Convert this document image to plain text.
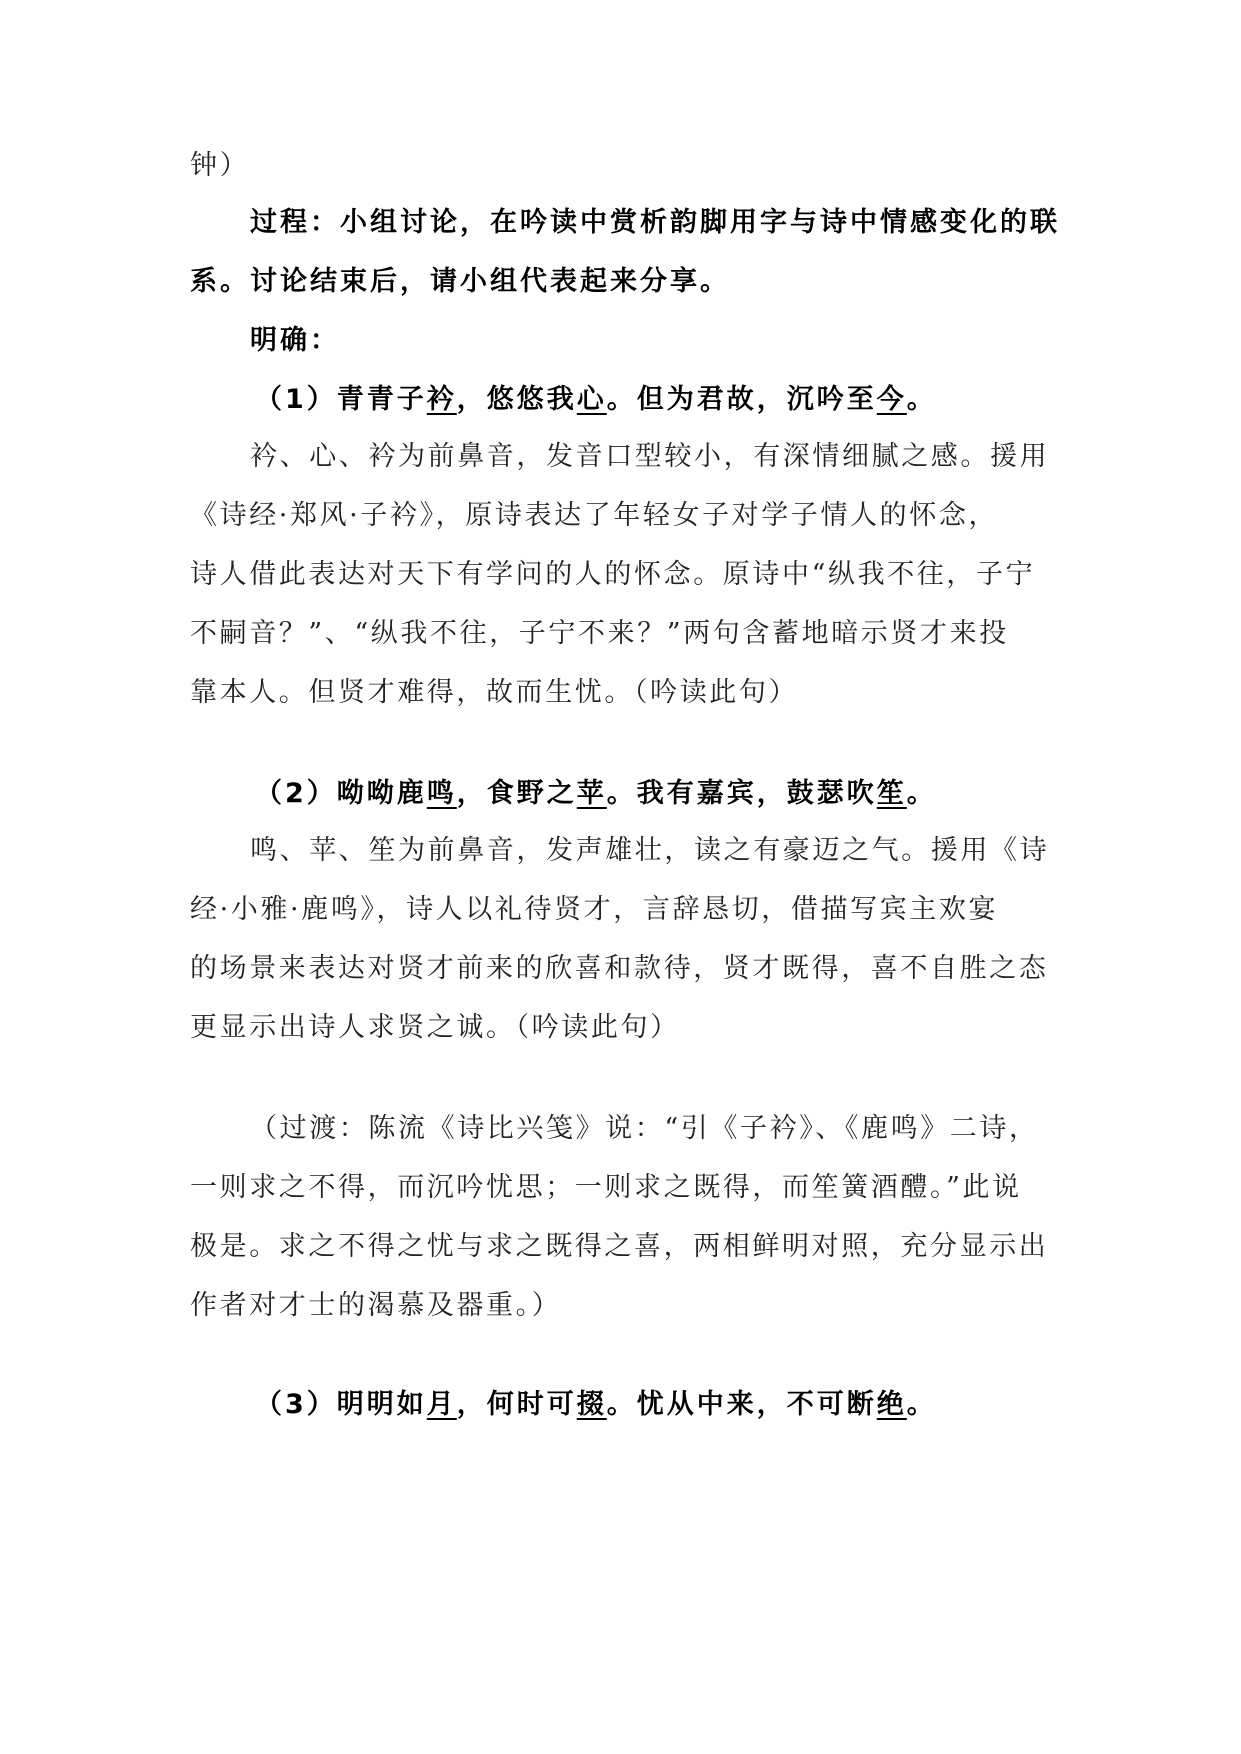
钟）
过程：小组讨论，在吟读中赏析韵脚用字与诗中情感变化的联
系。讨论结束后，请小组代表起来分享。
明确：
（1）青青子衿，悠悠我心。但为君故，沉吟至今。
衿、心、衿为前鼻音，发音口型较小，有深情细腻之感。援用
《诗经·郑风·子衿》，原诗表达了年轻女子对学子情人的怀念，
诗人借此表达对天下有学问的人的怀念。原诗中“纵我不往，子宁
不嗣音？”、“纵我不往，子宁不来？”两句含蓄地暗示贤才来投
靠本人。但贤才难得，故而生忧。（吟读此句）
（2）呦呦鹿鸣，食野之苹。我有嘉宾，鼓瑟吹笙。
鸣、苹、笙为前鼻音，发声雄壮，读之有豪迈之气。援用《诗
经·小雅·鹿鸣》，诗人以礼待贤才，言辞恳切，借描写宾主欢宴
的场景来表达对贤才前来的欣喜和款待，贤才既得，喜不自胜之态
更显示出诗人求贤之诚。（吟读此句）
（过渡：陈流《诗比兴笺》说：“引《子衿》、《鹿鸣》二诗，
一则求之不得，而沉吟忧思；一则求之既得，而笙簧酒醴。”此说
极是。求之不得之忧与求之既得之喜，两相鲜明对照，充分显示出
作者对才士的渴慕及器重。）
（3）明明如月，何时可掇。忧从中来，不可断绝。
